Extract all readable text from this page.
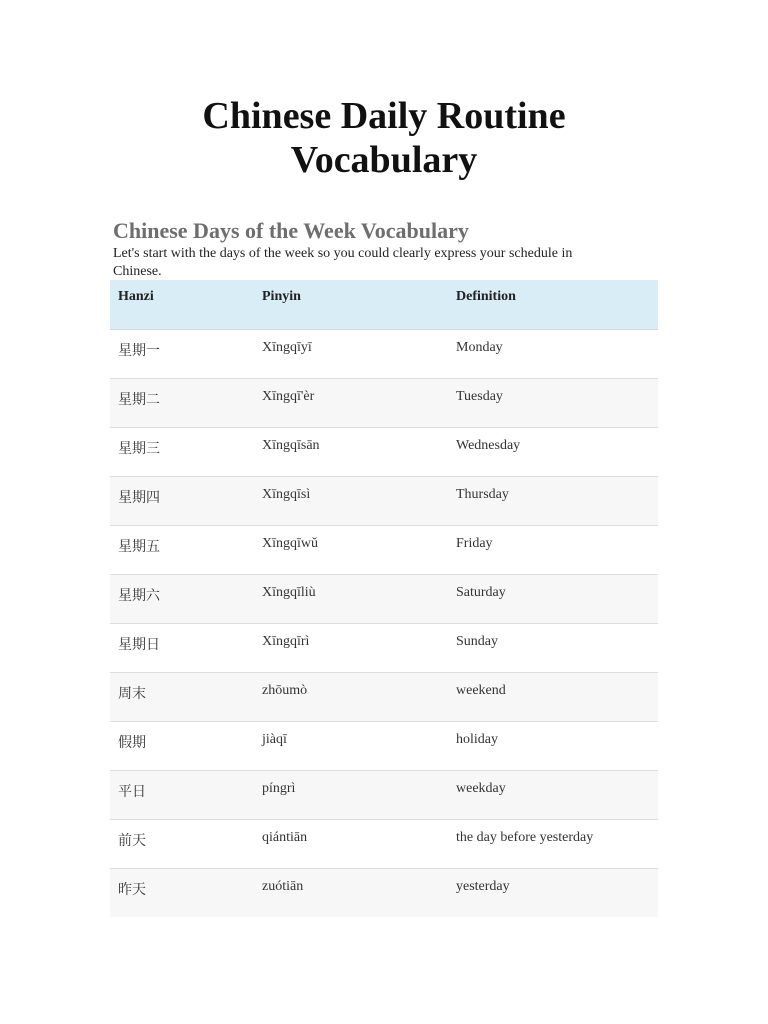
Chinese Daily Routine
Vocabulary
Chinese Days of the Week Vocabulary

Let's start with the days of the week so you could clearly express your schedule in Chinese.

Hanzi	Pinyin	Definition
星期一	Xīngqīyī	Monday
星期二	Xīngqī'èr	Tuesday
星期三	Xīngqīsān	Wednesday
星期四	Xīngqīsì	Thursday
星期五	Xīngqīwǔ	Friday
星期六	Xīngqīliù	Saturday
星期日	Xīngqīrì	Sunday
周末	zhōumò	weekend
假期	jiàqī	holiday
平日	píngrì	weekday
前天	qiántiān	the day before yesterday
昨天	zuótiān	yesterday
